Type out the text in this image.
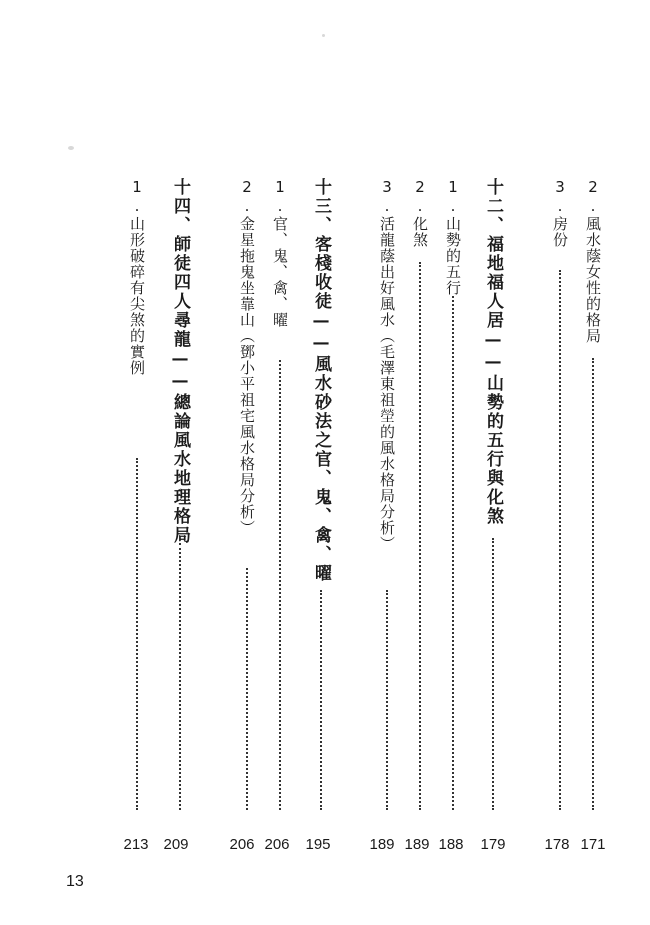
2.風水蔭女性的格局
171
3.房份
178
十二、福地福人居——山勢的五行與化煞
179
1.山勢的五行
188
2.化煞
189
3.活龍蔭出好風水（毛澤東祖塋的風水格局分析）
189
十三、客棧收徒——風水砂法之官、鬼、禽、曜
195
1.官、鬼、禽、曜
206
2.金星拖鬼坐靠山（鄧小平祖宅風水格局分析）
206
十四、師徒四人尋龍——總論風水地理格局
209
1.山形破碎有尖煞的實例
213
13
